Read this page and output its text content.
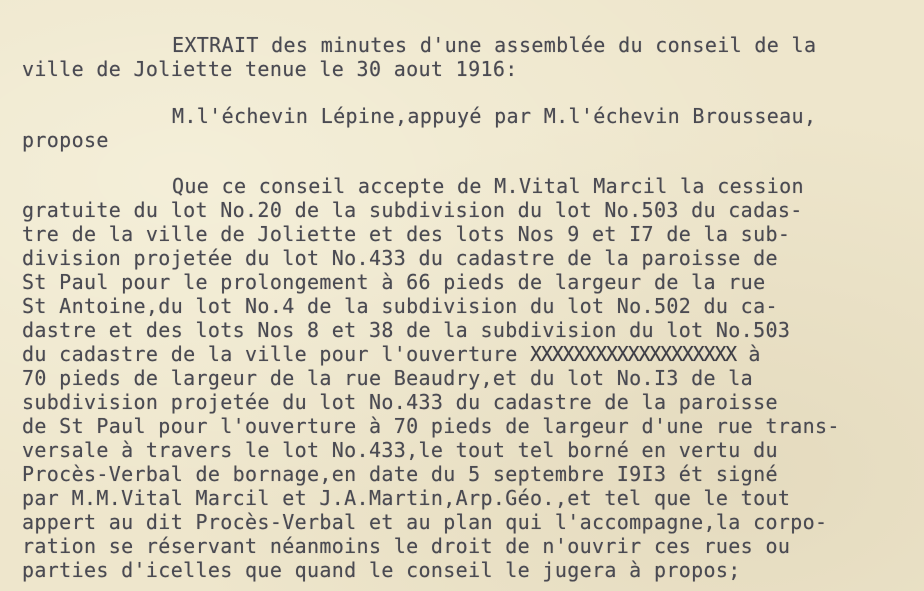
EXTRAIT des minutes d'une assemblée du conseil de la
ville de Joliette tenue le 30 aout 1916:
M.l'échevin Lépine,appuyé par M.l'échevin Brousseau,
propose
Que ce conseil accepte de M.Vital Marcil la cession
gratuite du lot No.20 de la subdivision du lot No.503 du cadas-
tre de la ville de Joliette et des lots Nos 9 et I7 de la sub-
division projetée du lot No.433 du cadastre de la paroisse de
St Paul pour le prolongement à 66 pieds de largeur de la rue
St Antoine,du lot No.4 de la subdivision du lot No.502 du ca-
dastre et des lots Nos 8 et 38 de la subdivision du lot No.503
du cadastre de la ville pour l'ouverture XXXXXXXXXXXXXXXXXXX à
70 pieds de largeur de la rue Beaudry,et du lot No.I3 de la
subdivision projetée du lot No.433 du cadastre de la paroisse
de St Paul pour l'ouverture à 70 pieds de largeur d'une rue trans-
versale à travers le lot No.433,le tout tel borné en vertu du
Procès-Verbal de bornage,en date du 5 septembre I9I3 ét signé
par M.M.Vital Marcil et J.A.Martin,Arp.Géo.,et tel que le tout
appert au dit Procès-Verbal et au plan qui l'accompagne,la corpo-
ration se réservant néanmoins le droit de n'ouvrir ces rues ou
parties d'icelles que quand le conseil le jugera à propos;
